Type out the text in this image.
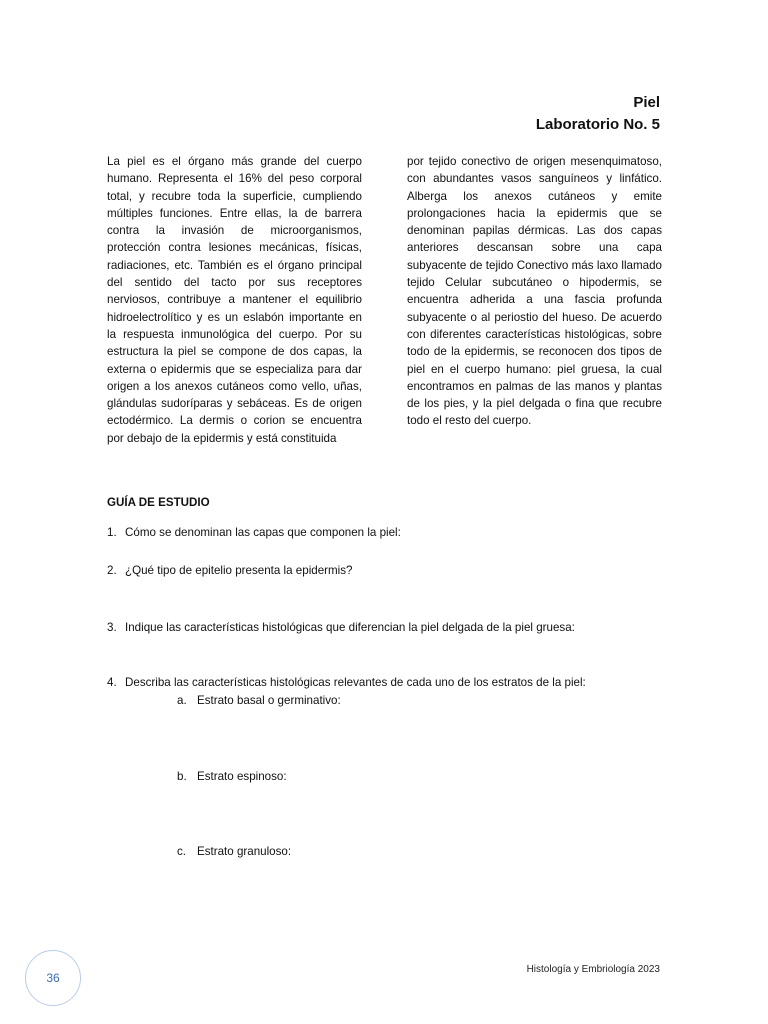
Piel
Laboratorio No. 5
La piel es el órgano más grande del cuerpo humano. Representa el 16% del peso corporal total, y recubre toda la superficie, cumpliendo múltiples funciones. Entre ellas, la de barrera contra la invasión de microorganismos, protección contra lesiones mecánicas, físicas, radiaciones, etc. También es el órgano principal del sentido del tacto por sus receptores nerviosos, contribuye a mantener el equilibrio hidroelectrolítico y es un eslabón importante en la respuesta inmunológica del cuerpo. Por su estructura la piel se compone de dos capas, la externa o epidermis que se especializa para dar origen a los anexos cutáneos como vello, uñas, glándulas sudoríparas y sebáceas. Es de origen ectodérmico. La dermis o corion se encuentra por debajo de la epidermis y está constituida
por tejido conectivo de origen mesenquimatoso, con abundantes vasos sanguíneos y linfático. Alberga los anexos cutáneos y emite prolongaciones hacia la epidermis que se denominan papilas dérmicas. Las dos capas anteriores descansan sobre una capa subyacente de tejido Conectivo más laxo llamado tejido Celular subcutáneo o hipodermis, se encuentra adherida a una fascia profunda subyacente o al periostio del hueso. De acuerdo con diferentes características histológicas, sobre todo de la epidermis, se reconocen dos tipos de piel en el cuerpo humano: piel gruesa, la cual encontramos en palmas de las manos y plantas de los pies, y la piel delgada o fina que recubre todo el resto del cuerpo.
GUÍA DE ESTUDIO
1. Cómo se denominan las capas que componen la piel:
2. ¿Qué tipo de epitelio presenta la epidermis?
3. Indique las características histológicas que diferencian la piel delgada de la piel gruesa:
4. Describa las características histológicas relevantes de cada uno de los estratos de la piel:
a. Estrato basal o germinativo:
b. Estrato espinoso:
c. Estrato granuloso:
36
Histología y Embriología 2023
